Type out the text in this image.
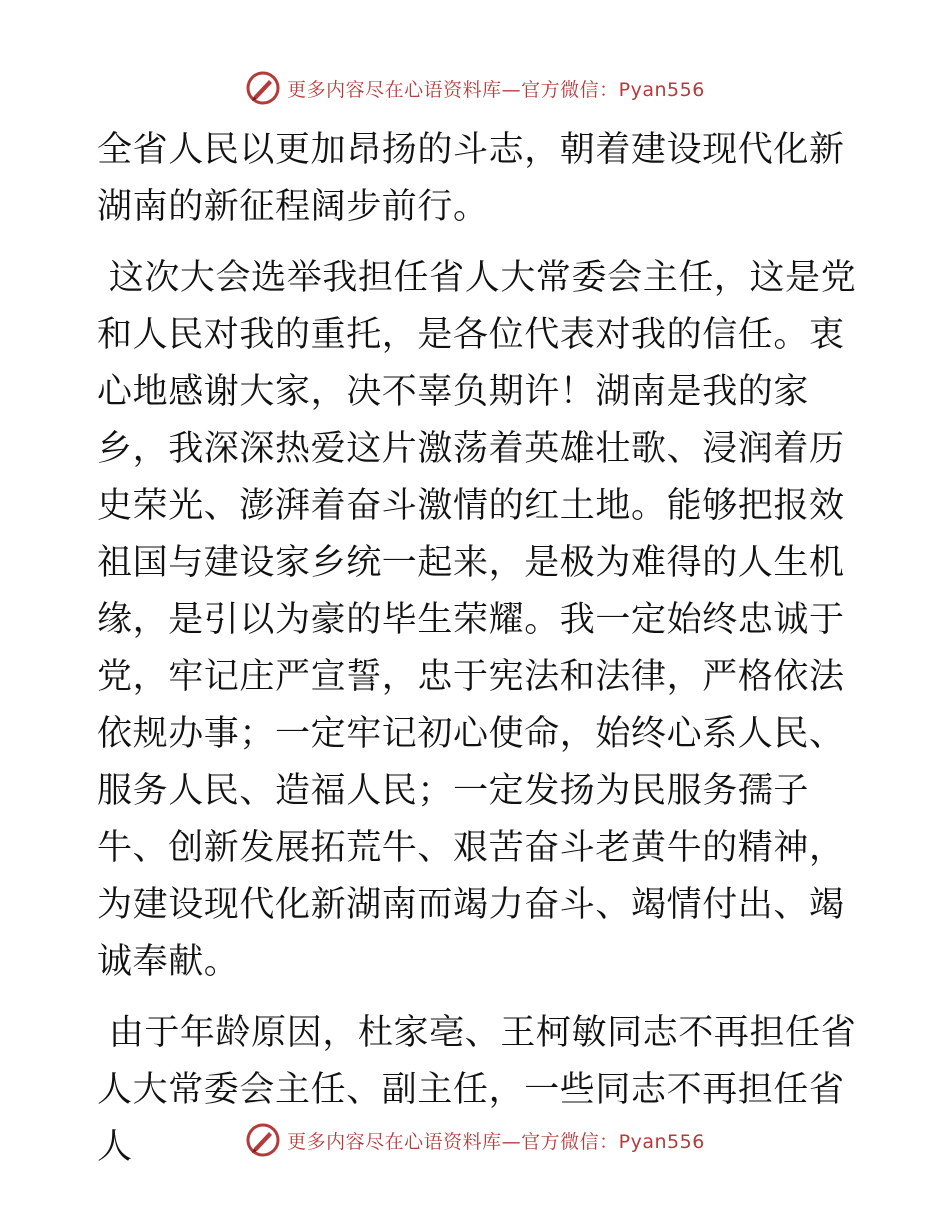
更多内容尽在心语资料库—官方微信：Pyan556

全省人民以更加昂扬的斗志，朝着建设现代化新湖南的新征程阔步前行。

这次大会选举我担任省人大常委会主任，这是党和人民对我的重托，是各位代表对我的信任。衷心地感谢大家，决不辜负期许！湖南是我的家乡，我深深热爱这片激荡着英雄壮歌、浸润着历史荣光、澎湃着奋斗激情的红土地。能够把报效祖国与建设家乡统一起来，是极为难得的人生机缘，是引以为豪的毕生荣耀。我一定始终忠诚于党，牢记庄严宣誓，忠于宪法和法律，严格依法依规办事；一定牢记初心使命，始终心系人民、服务人民、造福人民；一定发扬为民服务孺子牛、创新发展拓荒牛、艰苦奋斗老黄牛的精神，为建设现代化新湖南而竭力奋斗、竭情付出、竭诚奉献。

由于年龄原因，杜家亳、王柯敏同志不再担任省人大常委会主任、副主任，一些同志不再担任省人	更多内容尽在心语资料库—官方微信：Pyan556
